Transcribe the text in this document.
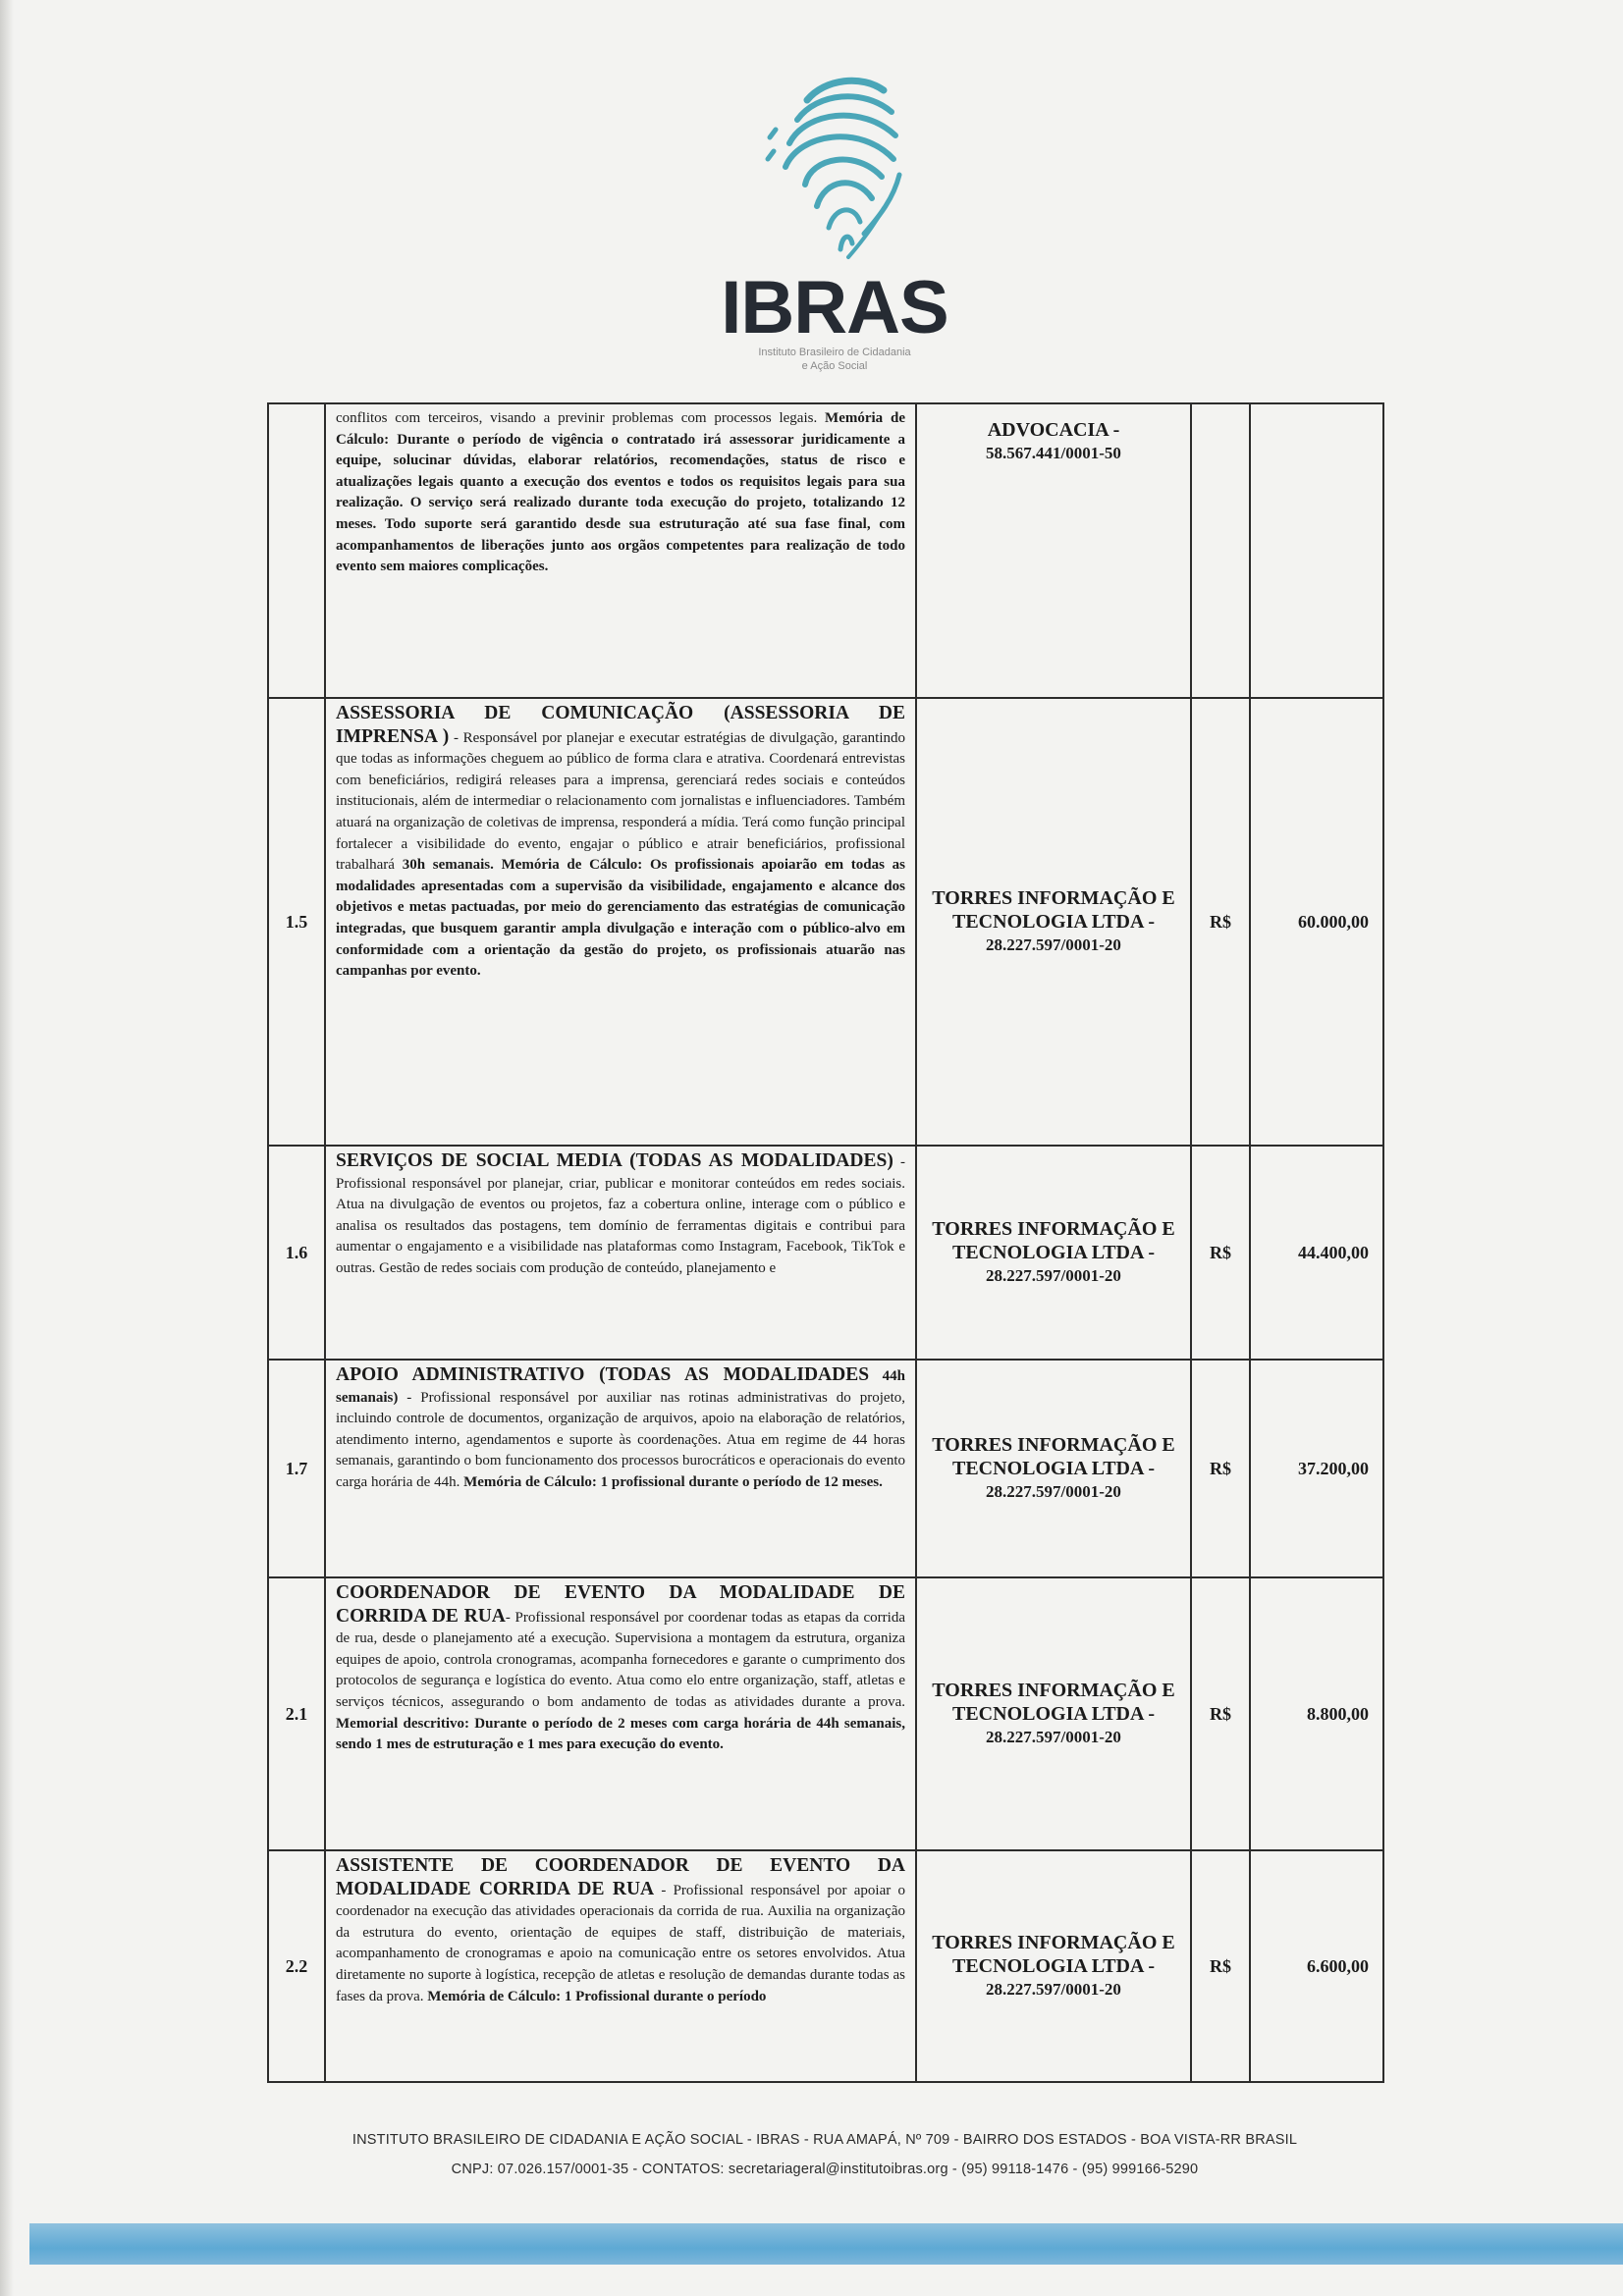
IBRAS
Instituto Brasileiro de Cidadania
e Ação Social
	conflitos com terceiros, visando a previnir problemas com processos legais. Memória de Cálculo: Durante o período de vigência o contratado irá assessorar juridicamente a equipe, solucinar dúvidas, elaborar relatórios, recomendações, status de risco e atualizações legais quanto a execução dos eventos e todos os requisitos legais para sua realização. O serviço será realizado durante toda execução do projeto, totalizando 12 meses. Todo suporte será garantido desde sua estruturação até sua fase final, com acompanhamentos de liberações junto aos orgãos competentes para realização de todo evento sem maiores complicações.	ADVOCACIA -
58.567.441/0001-50		

1.5	ASSESSORIA DE COMUNICAÇÃO (ASSESSORIA DE IMPRENSA ) - Responsável por planejar e executar estratégias de divulgação, garantindo que todas as informações cheguem ao público de forma clara e atrativa. Coordenará entrevistas com beneficiários, redigirá releases para a imprensa, gerenciará redes sociais e conteúdos institucionais, além de intermediar o relacionamento com jornalistas e influenciadores. Também atuará na organização de coletivas de imprensa, responderá a mídia. Terá como função principal fortalecer a visibilidade do evento, engajar o público e atrair beneficiários, profissional trabalhará 30h semanais. Memória de Cálculo: Os profissionais apoiarão em todas as modalidades apresentadas com a supervisão da visibilidade, engajamento e alcance dos objetivos e metas pactuadas, por meio do gerenciamento das estratégias de comunicação integradas, que busquem garantir ampla divulgação e interação com o público-alvo em conformidade com a orientação da gestão do projeto, os profissionais atuarão nas campanhas por evento.	TORRES INFORMAÇÃO E TECNOLOGIA LTDA -
28.227.597/0001-20	R$	60.000,00
1.6	SERVIÇOS DE SOCIAL MEDIA (TODAS AS MODALIDADES) - Profissional responsável por planejar, criar, publicar e monitorar conteúdos em redes sociais. Atua na divulgação de eventos ou projetos, faz a cobertura online, interage com o público e analisa os resultados das postagens, tem domínio de ferramentas digitais e contribui para aumentar o engajamento e a visibilidade nas plataformas como Instagram, Facebook, TikTok e outras. Gestão de redes sociais com produção de conteúdo, planejamento e	TORRES INFORMAÇÃO E TECNOLOGIA LTDA -
28.227.597/0001-20	R$	44.400,00
1.7	APOIO ADMINISTRATIVO (TODAS AS MODALIDADES 44h semanais) - Profissional responsável por auxiliar nas rotinas administrativas do projeto, incluindo controle de documentos, organização de arquivos, apoio na elaboração de relatórios, atendimento interno, agendamentos e suporte às coordenações. Atua em regime de 44 horas semanais, garantindo o bom funcionamento dos processos burocráticos e operacionais do evento carga horária de 44h. Memória de Cálculo: 1 profissional durante o período de 12 meses.	TORRES INFORMAÇÃO E TECNOLOGIA LTDA -
28.227.597/0001-20	R$	37.200,00
2.1	COORDENADOR DE EVENTO DA MODALIDADE DE CORRIDA DE RUA- Profissional responsável por coordenar todas as etapas da corrida de rua, desde o planejamento até a execução. Supervisiona a montagem da estrutura, organiza equipes de apoio, controla cronogramas, acompanha fornecedores e garante o cumprimento dos protocolos de segurança e logística do evento. Atua como elo entre organização, staff, atletas e serviços técnicos, assegurando o bom andamento de todas as atividades durante a prova. Memorial descritivo: Durante o período de 2 meses com carga horária de 44h semanais, sendo 1 mes de estruturação e 1 mes para execução do evento.	TORRES INFORMAÇÃO E TECNOLOGIA LTDA -
28.227.597/0001-20	R$	8.800,00
2.2	ASSISTENTE DE COORDENADOR DE EVENTO DA MODALIDADE CORRIDA DE RUA - Profissional responsável por apoiar o coordenador na execução das atividades operacionais da corrida de rua. Auxilia na organização da estrutura do evento, orientação de equipes de staff, distribuição de materiais, acompanhamento de cronogramas e apoio na comunicação entre os setores envolvidos. Atua diretamente no suporte à logística, recepção de atletas e resolução de demandas durante todas as fases da prova. Memória de Cálculo: 1 Profissional durante o período	TORRES INFORMAÇÃO E TECNOLOGIA LTDA -
28.227.597/0001-20	R$	6.600,00
INSTITUTO BRASILEIRO DE CIDADANIA E AÇÃO SOCIAL - IBRAS - RUA AMAPÁ, Nº 709 - BAIRRO DOS ESTADOS - BOA VISTA-RR BRASIL
CNPJ: 07.026.157/0001-35 - CONTATOS: secretariageral@institutoibras.org - (95) 99118-1476 - (95) 999166-5290
